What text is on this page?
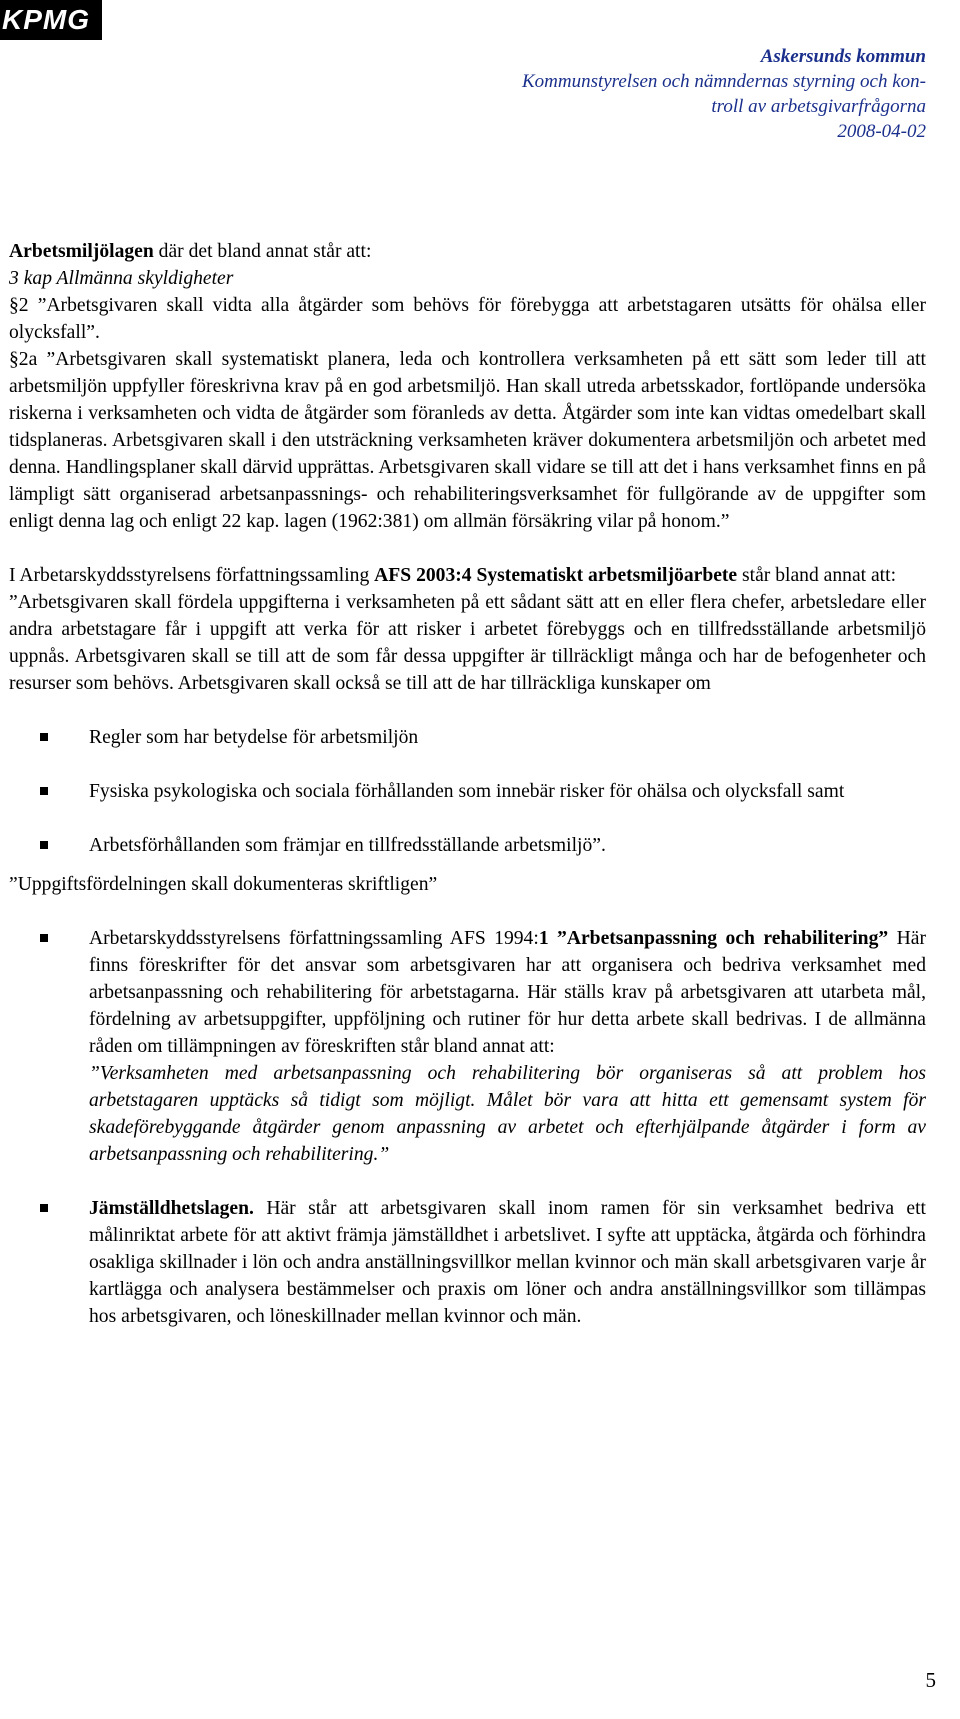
KPMG
Askersunds kommun
Kommunstyrelsen och nämndernas styrning och kon-
troll av arbetsgivarfrågorna
2008-04-02

Arbetsmiljölagen där det bland annat står att:

3 kap Allmänna skyldigheter

§2 ”Arbetsgivaren skall vidta alla åtgärder som behövs för förebygga att arbetstagaren utsätts för ohälsa eller olycksfall”.

§2a ”Arbetsgivaren skall systematiskt planera, leda och kontrollera verksamheten på ett sätt som leder till att arbetsmiljön uppfyller föreskrivna krav på en god arbetsmiljö. Han skall utreda arbetsskador, fortlöpande undersöka riskerna i verksamheten och vidta de åtgärder som föranleds av detta. Åtgärder som inte kan vidtas omedelbart skall tidsplaneras. Arbetsgivaren skall i den utsträckning verksamheten kräver dokumentera arbetsmiljön och arbetet med denna. Handlingsplaner skall därvid upprättas. Arbetsgivaren skall vidare se till att det i hans verksamhet finns en på lämpligt sätt organiserad arbetsanpassnings- och rehabiliteringsverksamhet för fullgörande av de uppgifter som enligt denna lag och enligt 22 kap. lagen (1962:381) om allmän försäkring vilar på honom.”

I Arbetarskyddsstyrelsens författningssamling AFS 2003:4 Systematiskt arbetsmiljöarbete står bland annat att:

”Arbetsgivaren skall fördela uppgifterna i verksamheten på ett sådant sätt att en eller flera chefer, arbetsledare eller andra arbetstagare får i uppgift att verka för att risker i arbetet förebyggs och en tillfredsställande arbetsmiljö uppnås. Arbetsgivaren skall se till att de som får dessa uppgifter är tillräckligt många och har de befogenheter och resurser som behövs. Arbetsgivaren skall också se till att de har tillräckliga kunskaper om

Regler som har betydelse för arbetsmiljön
Fysiska psykologiska och sociala förhållanden som innebär risker för ohälsa och olycksfall samt
Arbetsförhållanden som främjar en tillfredsställande arbetsmiljö”.

”Uppgiftsfördelningen skall dokumenteras skriftligen”

Arbetarskyddsstyrelsens författningssamling AFS 1994:1 ”Arbetsanpassning och rehabilitering” Här finns föreskrifter för det ansvar som arbetsgivaren har att organisera och bedriva verksamhet med arbetsanpassning och rehabilitering för arbetstagarna. Här ställs krav på arbetsgivaren att utarbeta mål, fördelning av arbetsuppgifter, uppföljning och rutiner för hur detta arbete skall bedrivas. I de allmänna råden om tillämpningen av föreskriften står bland annat att:
”Verksamheten med arbetsanpassning och rehabilitering bör organiseras så att problem hos arbetstagaren upptäcks så tidigt som möjligt. Målet bör vara att hitta ett gemensamt system för skadeförebyggande åtgärder genom anpassning av arbetet och efterhjälpande åtgärder i form av arbetsanpassning och rehabilitering.”
Jämställdhetslagen. Här står att arbetsgivaren skall inom ramen för sin verksamhet bedriva ett målinriktat arbete för att aktivt främja jämställdhet i arbetslivet. I syfte att upptäcka, åtgärda och förhindra osakliga skillnader i lön och andra anställningsvillkor mellan kvinnor och män skall arbetsgivaren varje år kartlägga och analysera bestämmelser och praxis om löner och andra anställningsvillkor som tillämpas hos arbetsgivaren, och löneskillnader mellan kvinnor och män.
5
